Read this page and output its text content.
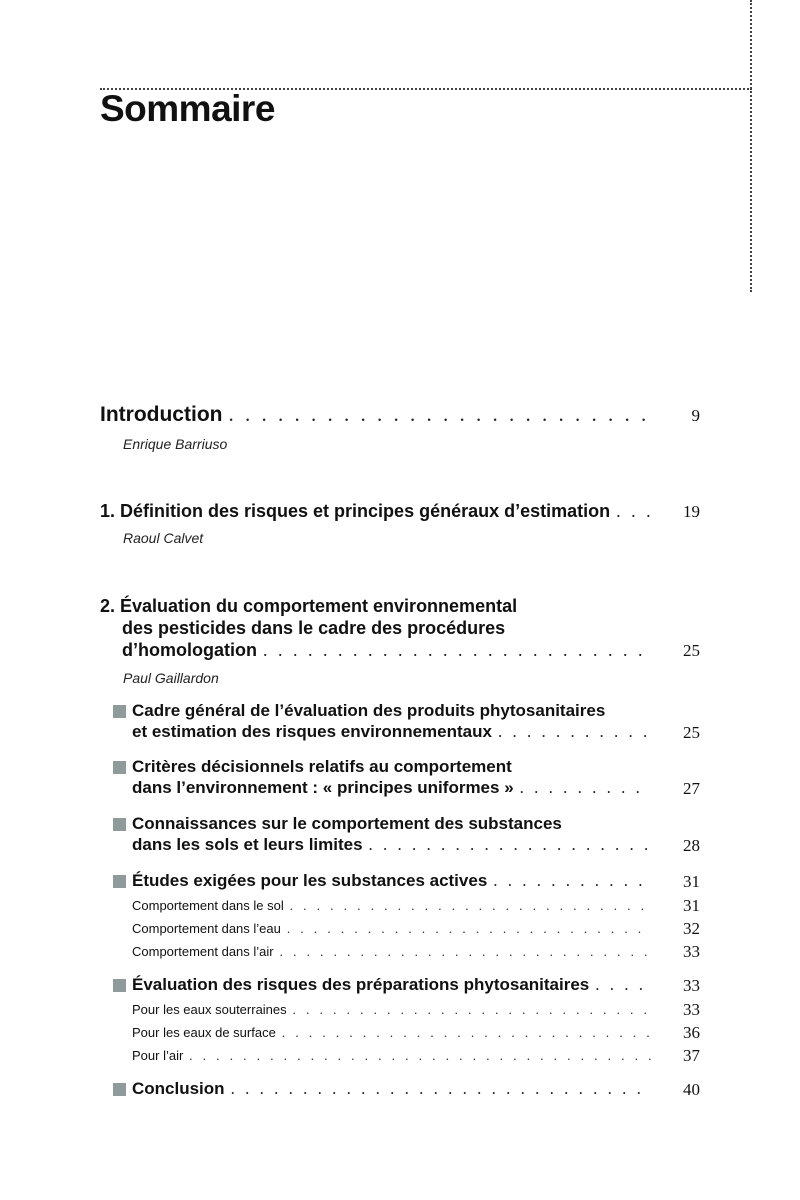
Sommaire
Introduction . . .	9
Enrique Barriuso
1. Définition des risques et principes généraux d’estimation . . .	19
Raoul Calvet
2. Évaluation du comportement environnemental
des pesticides dans le cadre des procédures
d’homologation . . .	25
Paul Gaillardon
Cadre général de l’évaluation des produits phytosanitaires
et estimation des risques environnementaux . . .	25
Critères décisionnels relatifs au comportement
dans l’environnement : « principes uniformes » . . .	27
Connaissances sur le comportement des substances
dans les sols et leurs limites . . .	28
Études exigées pour les substances actives . . .	31
Comportement dans le sol . . .	31
Comportement dans l’eau . . .	32
Comportement dans l’air . . .	33
Évaluation des risques des préparations phytosanitaires . . .	33
Pour les eaux souterraines . . .	33
Pour les eaux de surface . . .	36
Pour l’air . . .	37
Conclusion . . .	40
